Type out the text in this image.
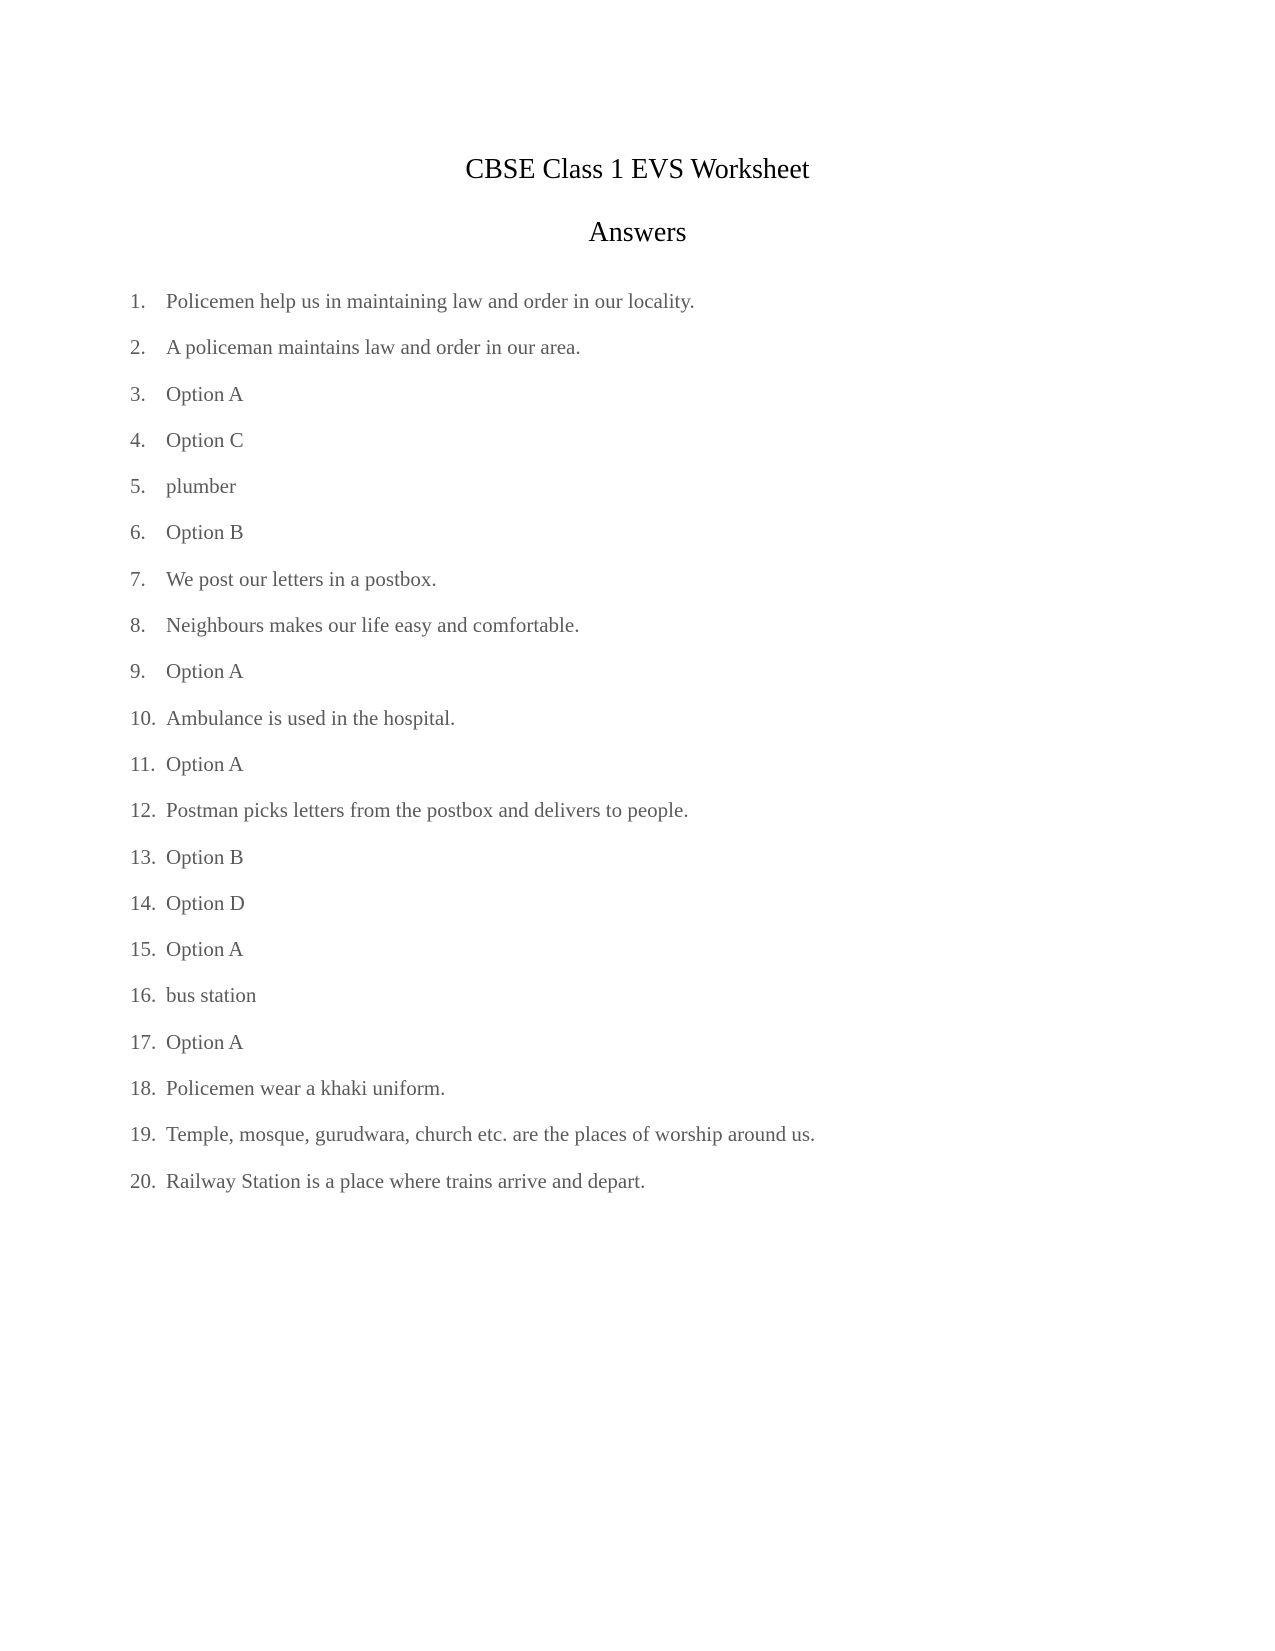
CBSE Class 1 EVS Worksheet
Answers
1. Policemen help us in maintaining law and order in our locality.
2. A policeman maintains law and order in our area.
3. Option A
4. Option C
5. plumber
6. Option B
7. We post our letters in a postbox.
8. Neighbours makes our life easy and comfortable.
9. Option A
10. Ambulance is used in the hospital.
11. Option A
12. Postman picks letters from the postbox and delivers to people.
13. Option B
14. Option D
15. Option A
16. bus station
17. Option A
18. Policemen wear a khaki uniform.
19. Temple, mosque, gurudwara, church etc. are the places of worship around us.
20. Railway Station is a place where trains arrive and depart.
